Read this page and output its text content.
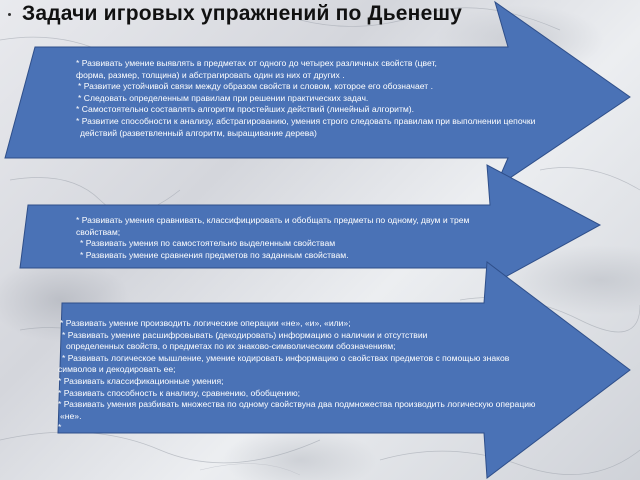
Задачи игровых упражнений по Дьенешу
* Развивать умение выявлять в предметах от одного до четырех различных свойств (цвет,
форма, размер, толщина) и абстрагировать один из них от других .
* Развитие устойчивой связи между образом свойств и словом, которое его обозначает .
* Следовать определенным правилам при решении практических задач.
* Самостоятельно составлять алгоритм простейших действий (линейный алгоритм).
* Развитие способности к анализу, абстрагированию, умения строго следовать правилам при выполнении цепочки
действий (разветвленный алгоритм, выращивание дерева)
* Развивать умения сравнивать, классифицировать и обобщать предметы по одному, двум и трем
свойствам;
* Развивать умения по самостоятельно выделенным свойствам
* Развивать умение сравнения предметов по заданным свойствам.
* Развивать умение производить логические операции «не», «и», «или»;
* Развивать умение расшифровывать (декодировать) информацию о наличии и отсутствии
определенных свойств, о предметах по их знаково-символическим обозначениям;
* Развивать логическое мышление, умение кодировать информацию о свойствах предметов с помощью знаков
символов и декодировать ее;
* Развивать классификационные умения;
* Развивать способность к анализу, сравнению, обобщению;
* Развивать умения разбивать множества по одному свойствуна два подмножества производить логическую операцию
«не».
*
